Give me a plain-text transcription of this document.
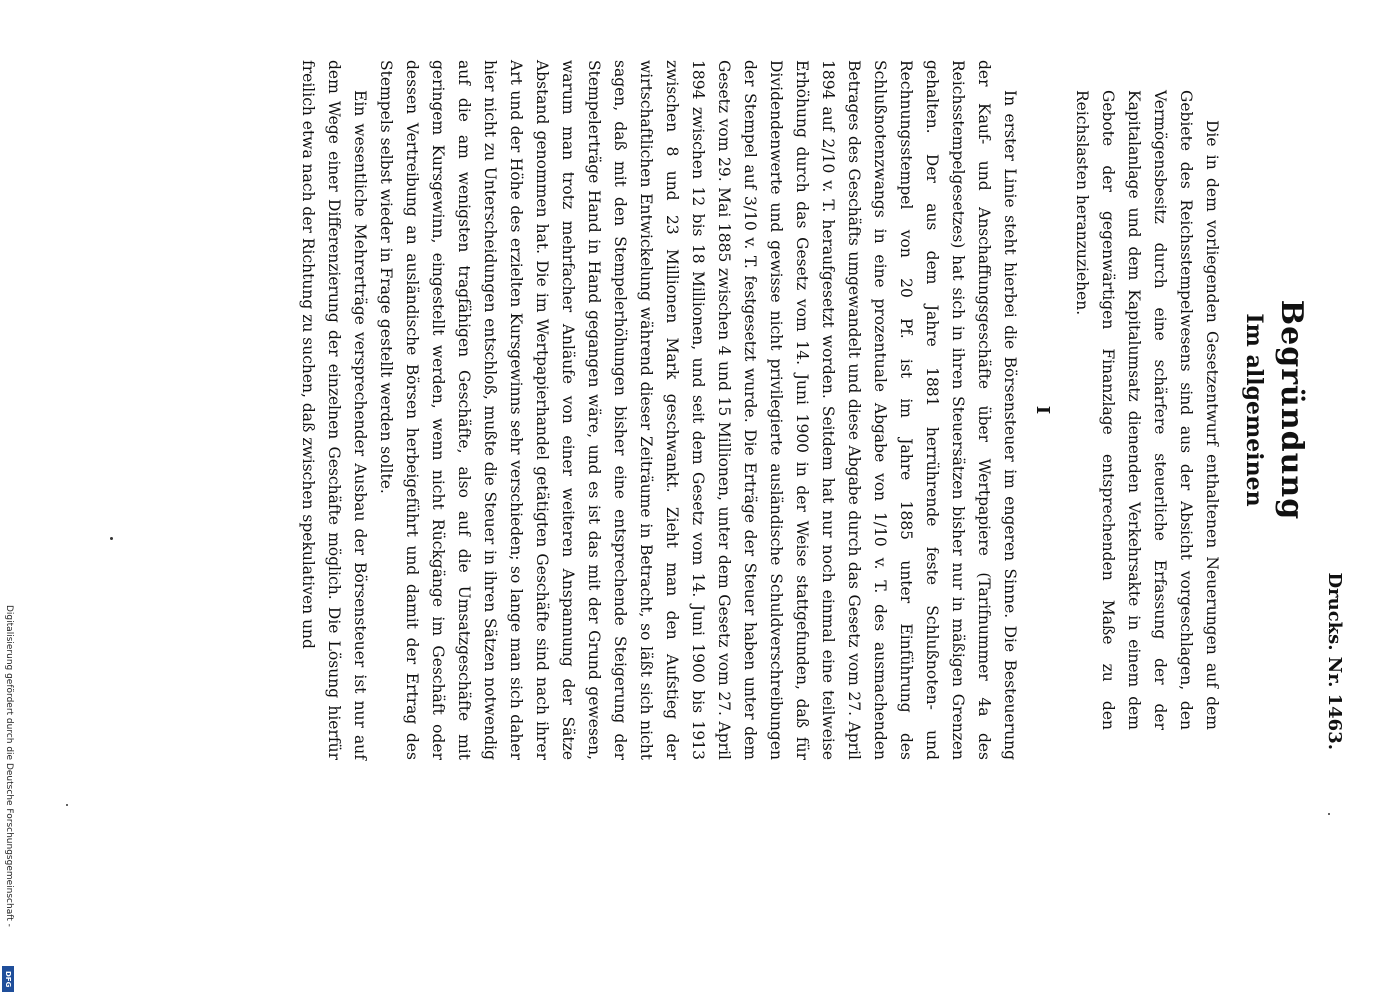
Drucks. Nr. 1463.
Begründung
Im allgemeinen

Die in dem vorliegenden Gesetzentwurf enthaltenen Neuerungen auf dem Gebiete des Reichsstempelwesens sind aus der Absicht vorgeschlagen, den Vermögensbesitz durch eine schärfere steuerliche Erfassung der der Kapitalanlage und dem Kapitalumsatz dienenden Verkehrsakte in einem dem Gebote der gegenwärtigen Finanzlage entsprechenden Maße zu den Reichslasten heranzuziehen.

I

In erster Linie steht hierbei die Börsensteuer im engeren Sinne. Die Besteuerung der Kauf- und Anschaffungsgeschäfte über Wertpapiere (Tarifnummer 4a des Reichsstempelgesetzes) hat sich in ihren Steuersätzen bisher nur in mäßigen Grenzen gehalten. Der aus dem Jahre 1881 herrührende feste Schlußnoten- und Rechnungsstempel von 20 Pf. ist im Jahre 1885 unter Einführung des Schlußnotenzwangs in eine prozentuale Abgabe von 1/10 v. T. des ausmachenden Betrages des Geschäfts umgewandelt und diese Abgabe durch das Gesetz vom 27. April 1894 auf 2/10 v. T. heraufgesetzt worden. Seitdem hat nur noch einmal eine teilweise Erhöhung durch das Gesetz vom 14. Juni 1900 in der Weise stattgefunden, daß für Dividendenwerte und gewisse nicht privilegierte ausländische Schuldverschreibungen der Stempel auf 3/10 v. T. festgesetzt wurde. Die Erträge der Steuer haben unter dem Gesetz vom 29. Mai 1885 zwischen 4 und 15 Millionen, unter dem Gesetz vom 27. April 1894 zwischen 12 bis 18 Millionen, und seit dem Gesetz vom 14. Juni 1900 bis 1913 zwischen 8 und 23 Millionen Mark geschwankt. Zieht man den Aufstieg der wirtschaftlichen Entwickelung während dieser Zeiträume in Betracht, so läßt sich nicht sagen, daß mit den Stempelerhöhungen bisher eine entsprechende Steigerung der Stempelerträge Hand in Hand gegangen wäre, und es ist das mit der Grund gewesen, warum man trotz mehrfacher Anläufe von einer weiteren Anspannung der Sätze Abstand genommen hat. Die im Wertpapierhandel getätigten Geschäfte sind nach ihrer Art und der Höhe des erzielten Kursgewinns sehr verschieden; so lange man sich daher hier nicht zu Unterscheidungen entschloß, mußte die Steuer in ihren Sätzen notwendig auf die am wenigsten tragfähigen Geschäfte, also auf die Umsatzgeschäfte mit geringem Kursgewinn, eingestellt werden, wenn nicht Rückgänge im Geschäft oder dessen Vertreibung an ausländische Börsen herbeigeführt und damit der Ertrag des Stempels selbst wieder in Frage gestellt werden sollte.

Ein wesentliche Mehrerträge versprechender Ausbau der Börsensteuer ist nur auf dem Wege einer Differenzierung der einzelnen Geschäfte möglich. Die Lösung hierfür freilich etwa nach der Richtung zu suchen, daß zwischen spekulativen und

Digitalisierung gefördert durch die Deutsche Forschungsgemeinschaft -
DFG
